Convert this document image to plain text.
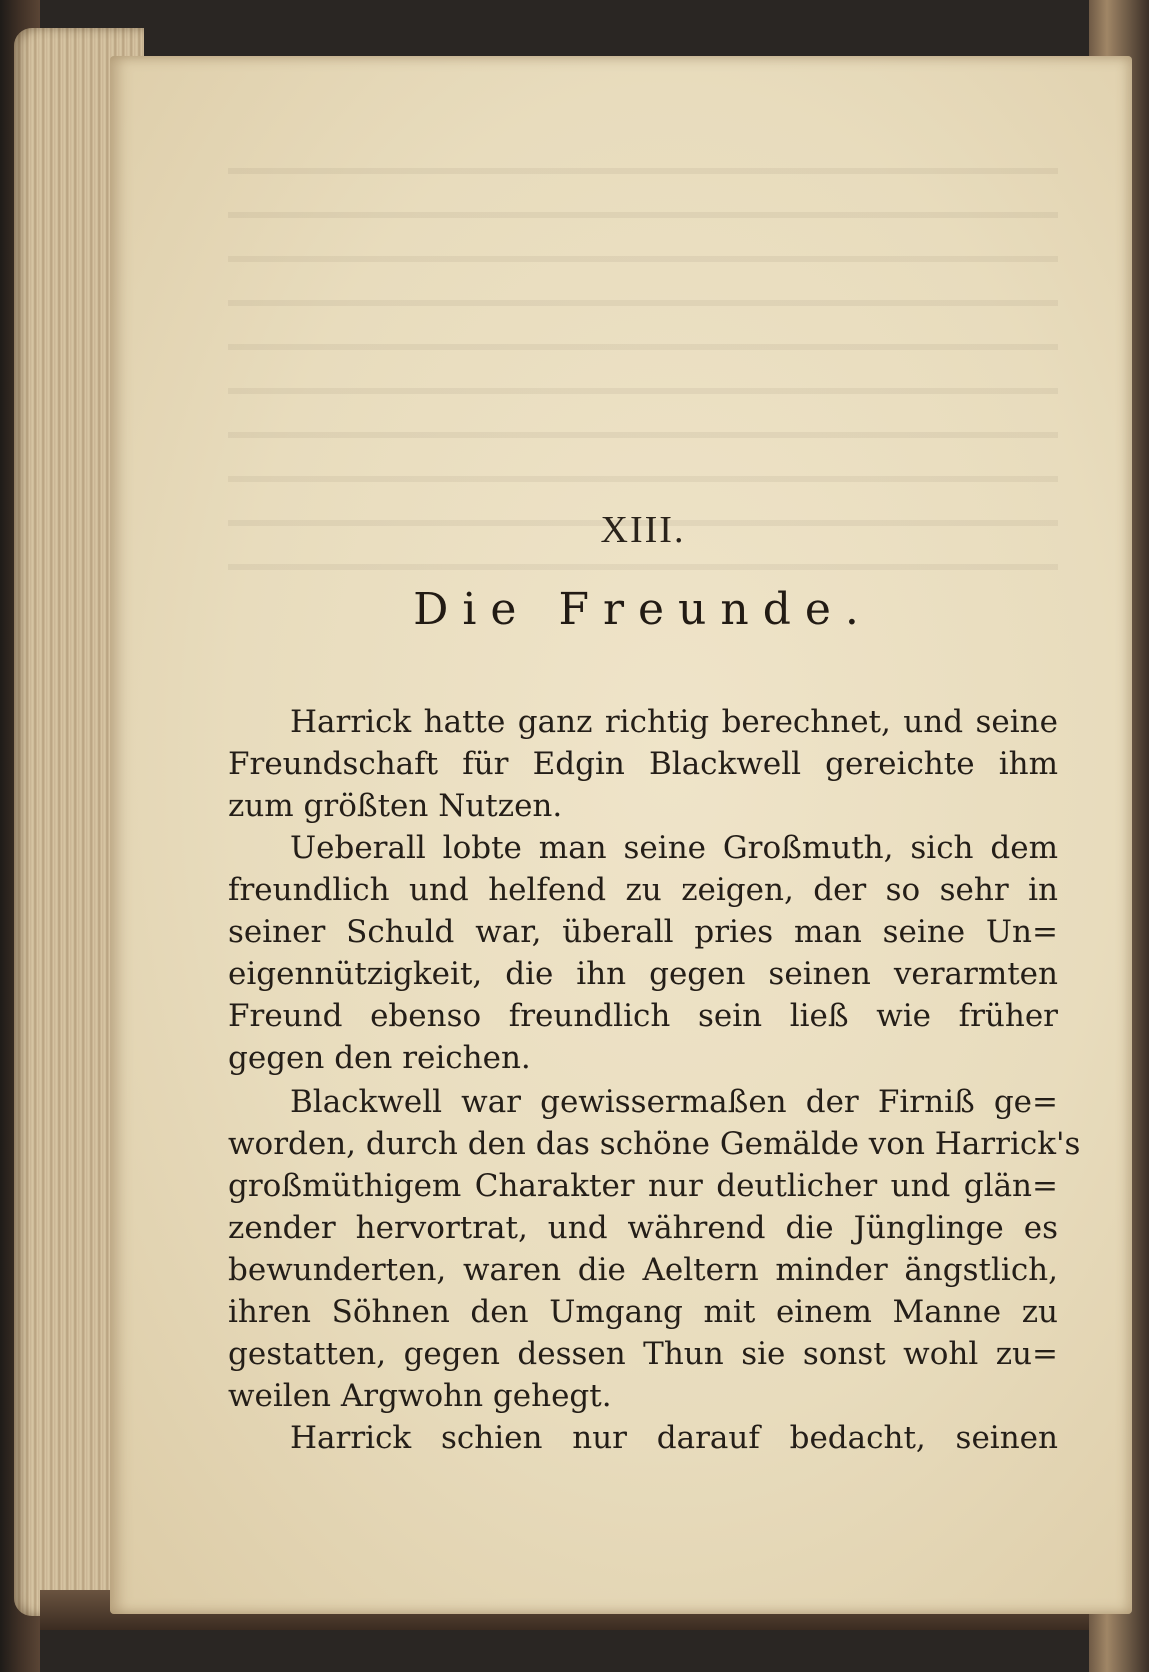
XIII.
Die Freunde.
Harrick hatte ganz richtig berechnet, und seine
Freundschaft für Edgin Blackwell gereichte ihm
zum größten Nutzen.
Ueberall lobte man seine Großmuth, sich dem
freundlich und helfend zu zeigen, der so sehr in
seiner Schuld war, überall pries man seine Un=
eigennützigkeit, die ihn gegen seinen verarmten
Freund ebenso freundlich sein ließ wie früher
gegen den reichen.
Blackwell war gewissermaßen der Firniß ge=
worden, durch den das schöne Gemälde von Harrick's
großmüthigem Charakter nur deutlicher und glän=
zender hervortrat, und während die Jünglinge es
bewunderten, waren die Aeltern minder ängstlich,
ihren Söhnen den Umgang mit einem Manne zu
gestatten, gegen dessen Thun sie sonst wohl zu=
weilen Argwohn gehegt.
Harrick schien nur darauf bedacht, seinen
